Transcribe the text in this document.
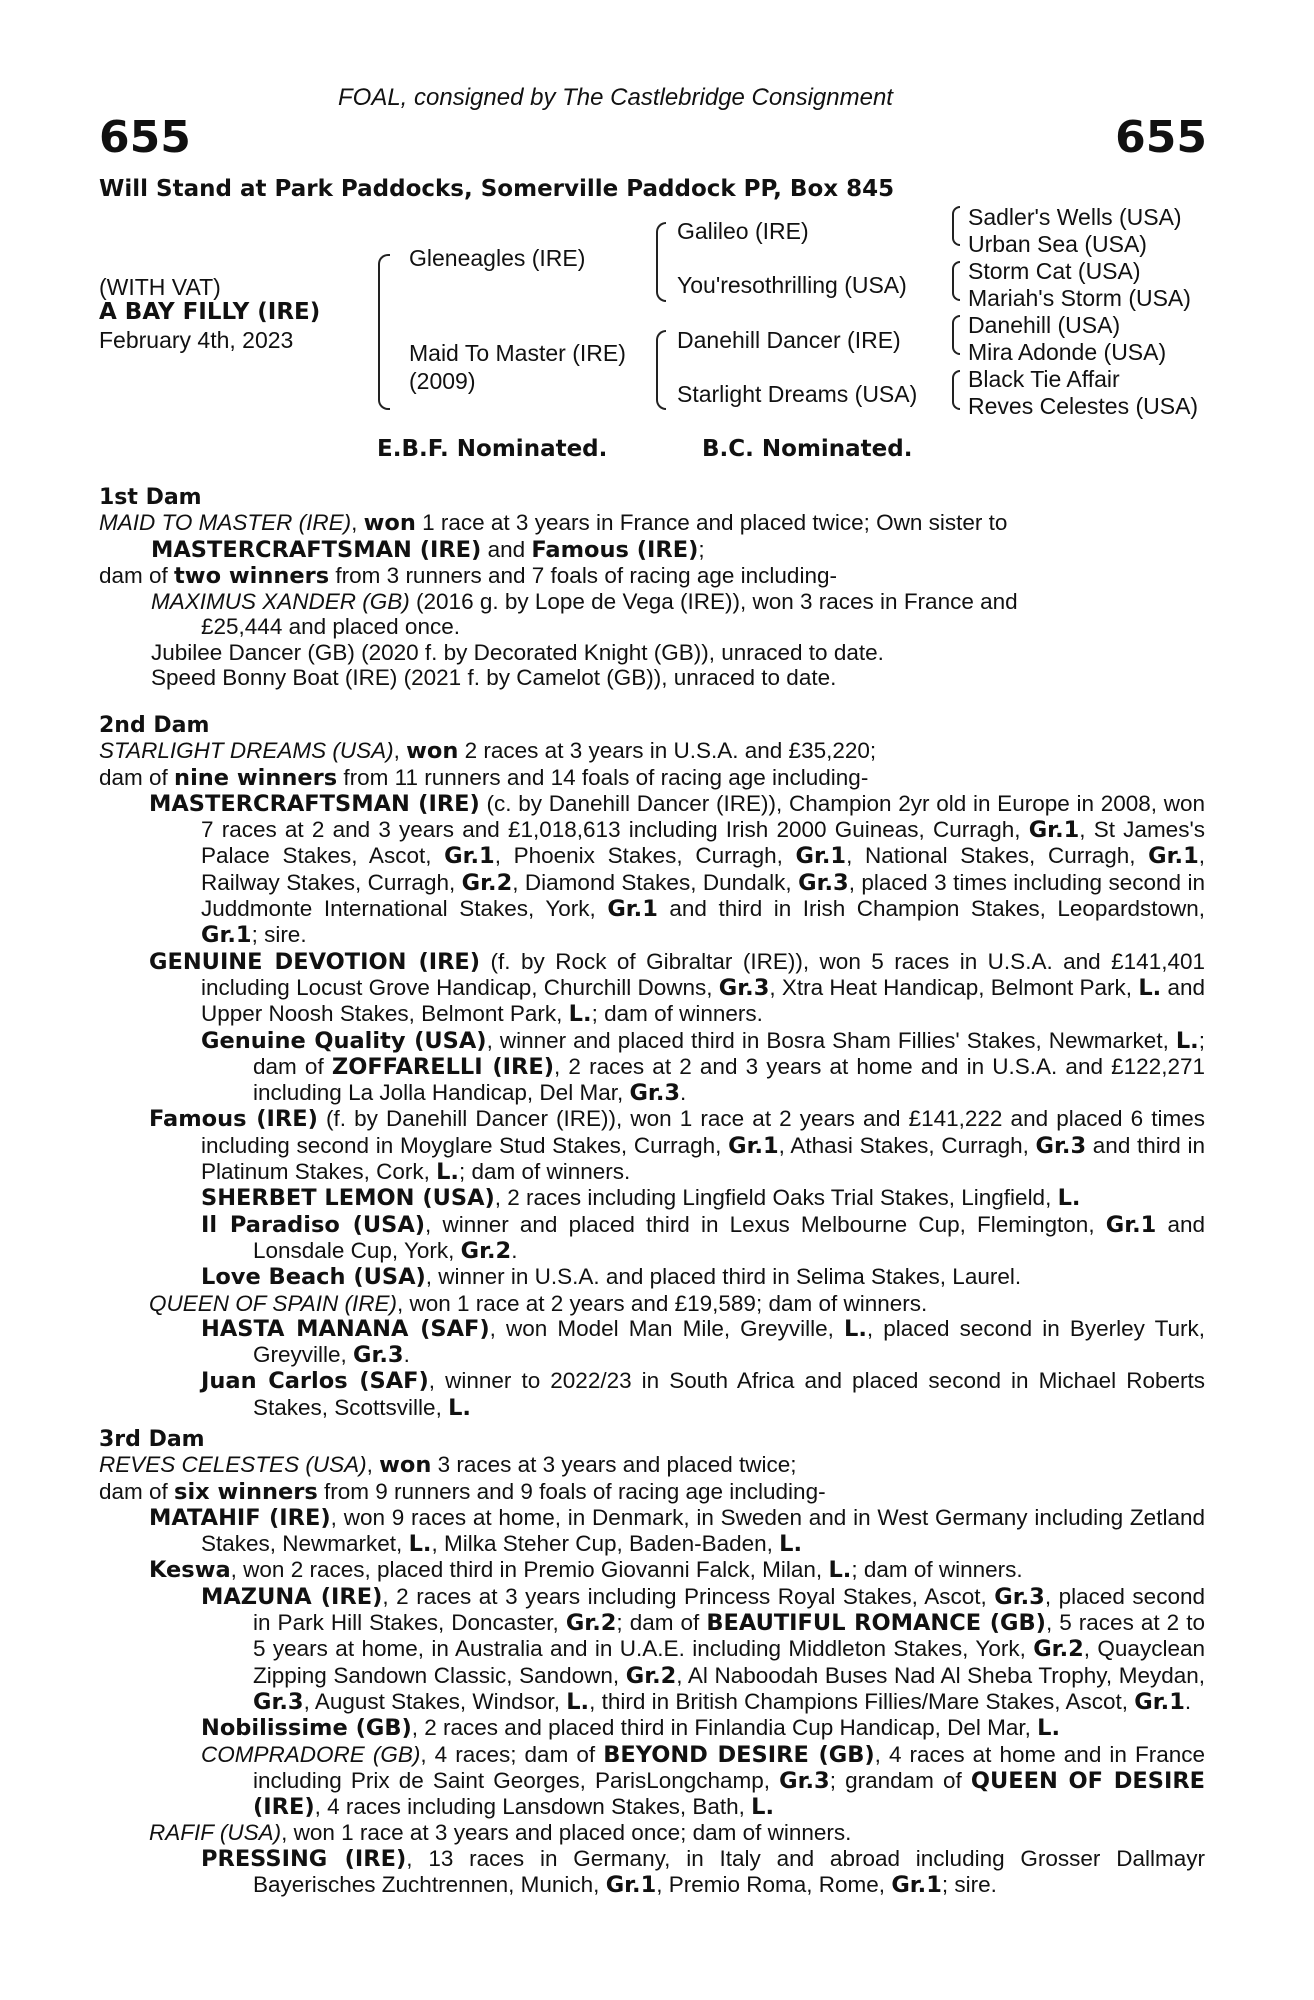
FOAL, consigned by The Castlebridge Consignment
655	655
Will Stand at Park Paddocks, Somerville Paddock PP, Box 845
(WITH VAT)
A BAY FILLY (IRE)
February 4th, 2023
Gleneagles (IRE)
Maid To Master (IRE)
(2009)
Galileo (IRE)
You'resothrilling (USA)
Danehill Dancer (IRE)
Starlight Dreams (USA)
Sadler's Wells (USA)
Urban Sea (USA)
Storm Cat (USA)
Mariah's Storm (USA)
Danehill (USA)
Mira Adonde (USA)
Black Tie Affair
Reves Celestes (USA)
E.B.F. Nominated.	B.C. Nominated.
1st Dam
MAID TO MASTER (IRE), won 1 race at 3 years in France and placed twice; Own sister to
MASTERCRAFTSMAN (IRE) and Famous (IRE);
dam of two winners from 3 runners and 7 foals of racing age including-
MAXIMUS XANDER (GB) (2016 g. by Lope de Vega (IRE)), won 3 races in France and
£25,444 and placed once.
Jubilee Dancer (GB) (2020 f. by Decorated Knight (GB)), unraced to date.
Speed Bonny Boat (IRE) (2021 f. by Camelot (GB)), unraced to date.
2nd Dam
STARLIGHT DREAMS (USA), won 2 races at 3 years in U.S.A. and £35,220;
dam of nine winners from 11 runners and 14 foals of racing age including-
MASTERCRAFTSMAN (IRE) (c. by Danehill Dancer (IRE)), Champion 2yr old in Europe in 2008, won 7 races at 2 and 3 years and £1,018,613 including Irish 2000 Guineas, Curragh, Gr.1, St James's Palace Stakes, Ascot, Gr.1, Phoenix Stakes, Curragh, Gr.1, National Stakes, Curragh, Gr.1, Railway Stakes, Curragh, Gr.2, Diamond Stakes, Dundalk, Gr.3, placed 3 times including second in Juddmonte International Stakes, York, Gr.1 and third in Irish Champion Stakes, Leopardstown, Gr.1; sire.
GENUINE DEVOTION (IRE) (f. by Rock of Gibraltar (IRE)), won 5 races in U.S.A. and £141,401 including Locust Grove Handicap, Churchill Downs, Gr.3, Xtra Heat Handicap, Belmont Park, L. and Upper Noosh Stakes, Belmont Park, L.; dam of winners.
Genuine Quality (USA), winner and placed third in Bosra Sham Fillies' Stakes, Newmarket, L.; dam of ZOFFARELLI (IRE), 2 races at 2 and 3 years at home and in U.S.A. and £122,271 including La Jolla Handicap, Del Mar, Gr.3.
Famous (IRE) (f. by Danehill Dancer (IRE)), won 1 race at 2 years and £141,222 and placed 6 times including second in Moyglare Stud Stakes, Curragh, Gr.1, Athasi Stakes, Curragh, Gr.3 and third in Platinum Stakes, Cork, L.; dam of winners.
SHERBET LEMON (USA), 2 races including Lingfield Oaks Trial Stakes, Lingfield, L.
Il Paradiso (USA), winner and placed third in Lexus Melbourne Cup, Flemington, Gr.1 and Lonsdale Cup, York, Gr.2.
Love Beach (USA), winner in U.S.A. and placed third in Selima Stakes, Laurel.
QUEEN OF SPAIN (IRE), won 1 race at 2 years and £19,589; dam of winners.
HASTA MANANA (SAF), won Model Man Mile, Greyville, L., placed second in Byerley Turk, Greyville, Gr.3.
Juan Carlos (SAF), winner to 2022/23 in South Africa and placed second in Michael Roberts Stakes, Scottsville, L.
3rd Dam
REVES CELESTES (USA), won 3 races at 3 years and placed twice;
dam of six winners from 9 runners and 9 foals of racing age including-
MATAHIF (IRE), won 9 races at home, in Denmark, in Sweden and in West Germany including Zetland Stakes, Newmarket, L., Milka Steher Cup, Baden-Baden, L.
Keswa, won 2 races, placed third in Premio Giovanni Falck, Milan, L.; dam of winners.
MAZUNA (IRE), 2 races at 3 years including Princess Royal Stakes, Ascot, Gr.3, placed second in Park Hill Stakes, Doncaster, Gr.2; dam of BEAUTIFUL ROMANCE (GB), 5 races at 2 to 5 years at home, in Australia and in U.A.E. including Middleton Stakes, York, Gr.2, Quayclean Zipping Sandown Classic, Sandown, Gr.2, Al Naboodah Buses Nad Al Sheba Trophy, Meydan, Gr.3, August Stakes, Windsor, L., third in British Champions Fillies/Mare Stakes, Ascot, Gr.1.
Nobilissime (GB), 2 races and placed third in Finlandia Cup Handicap, Del Mar, L.
COMPRADORE (GB), 4 races; dam of BEYOND DESIRE (GB), 4 races at home and in France including Prix de Saint Georges, ParisLongchamp, Gr.3; grandam of QUEEN OF DESIRE (IRE), 4 races including Lansdown Stakes, Bath, L.
RAFIF (USA), won 1 race at 3 years and placed once; dam of winners.
PRESSING (IRE), 13 races in Germany, in Italy and abroad including Grosser Dallmayr Bayerisches Zuchtrennen, Munich, Gr.1, Premio Roma, Rome, Gr.1; sire.
